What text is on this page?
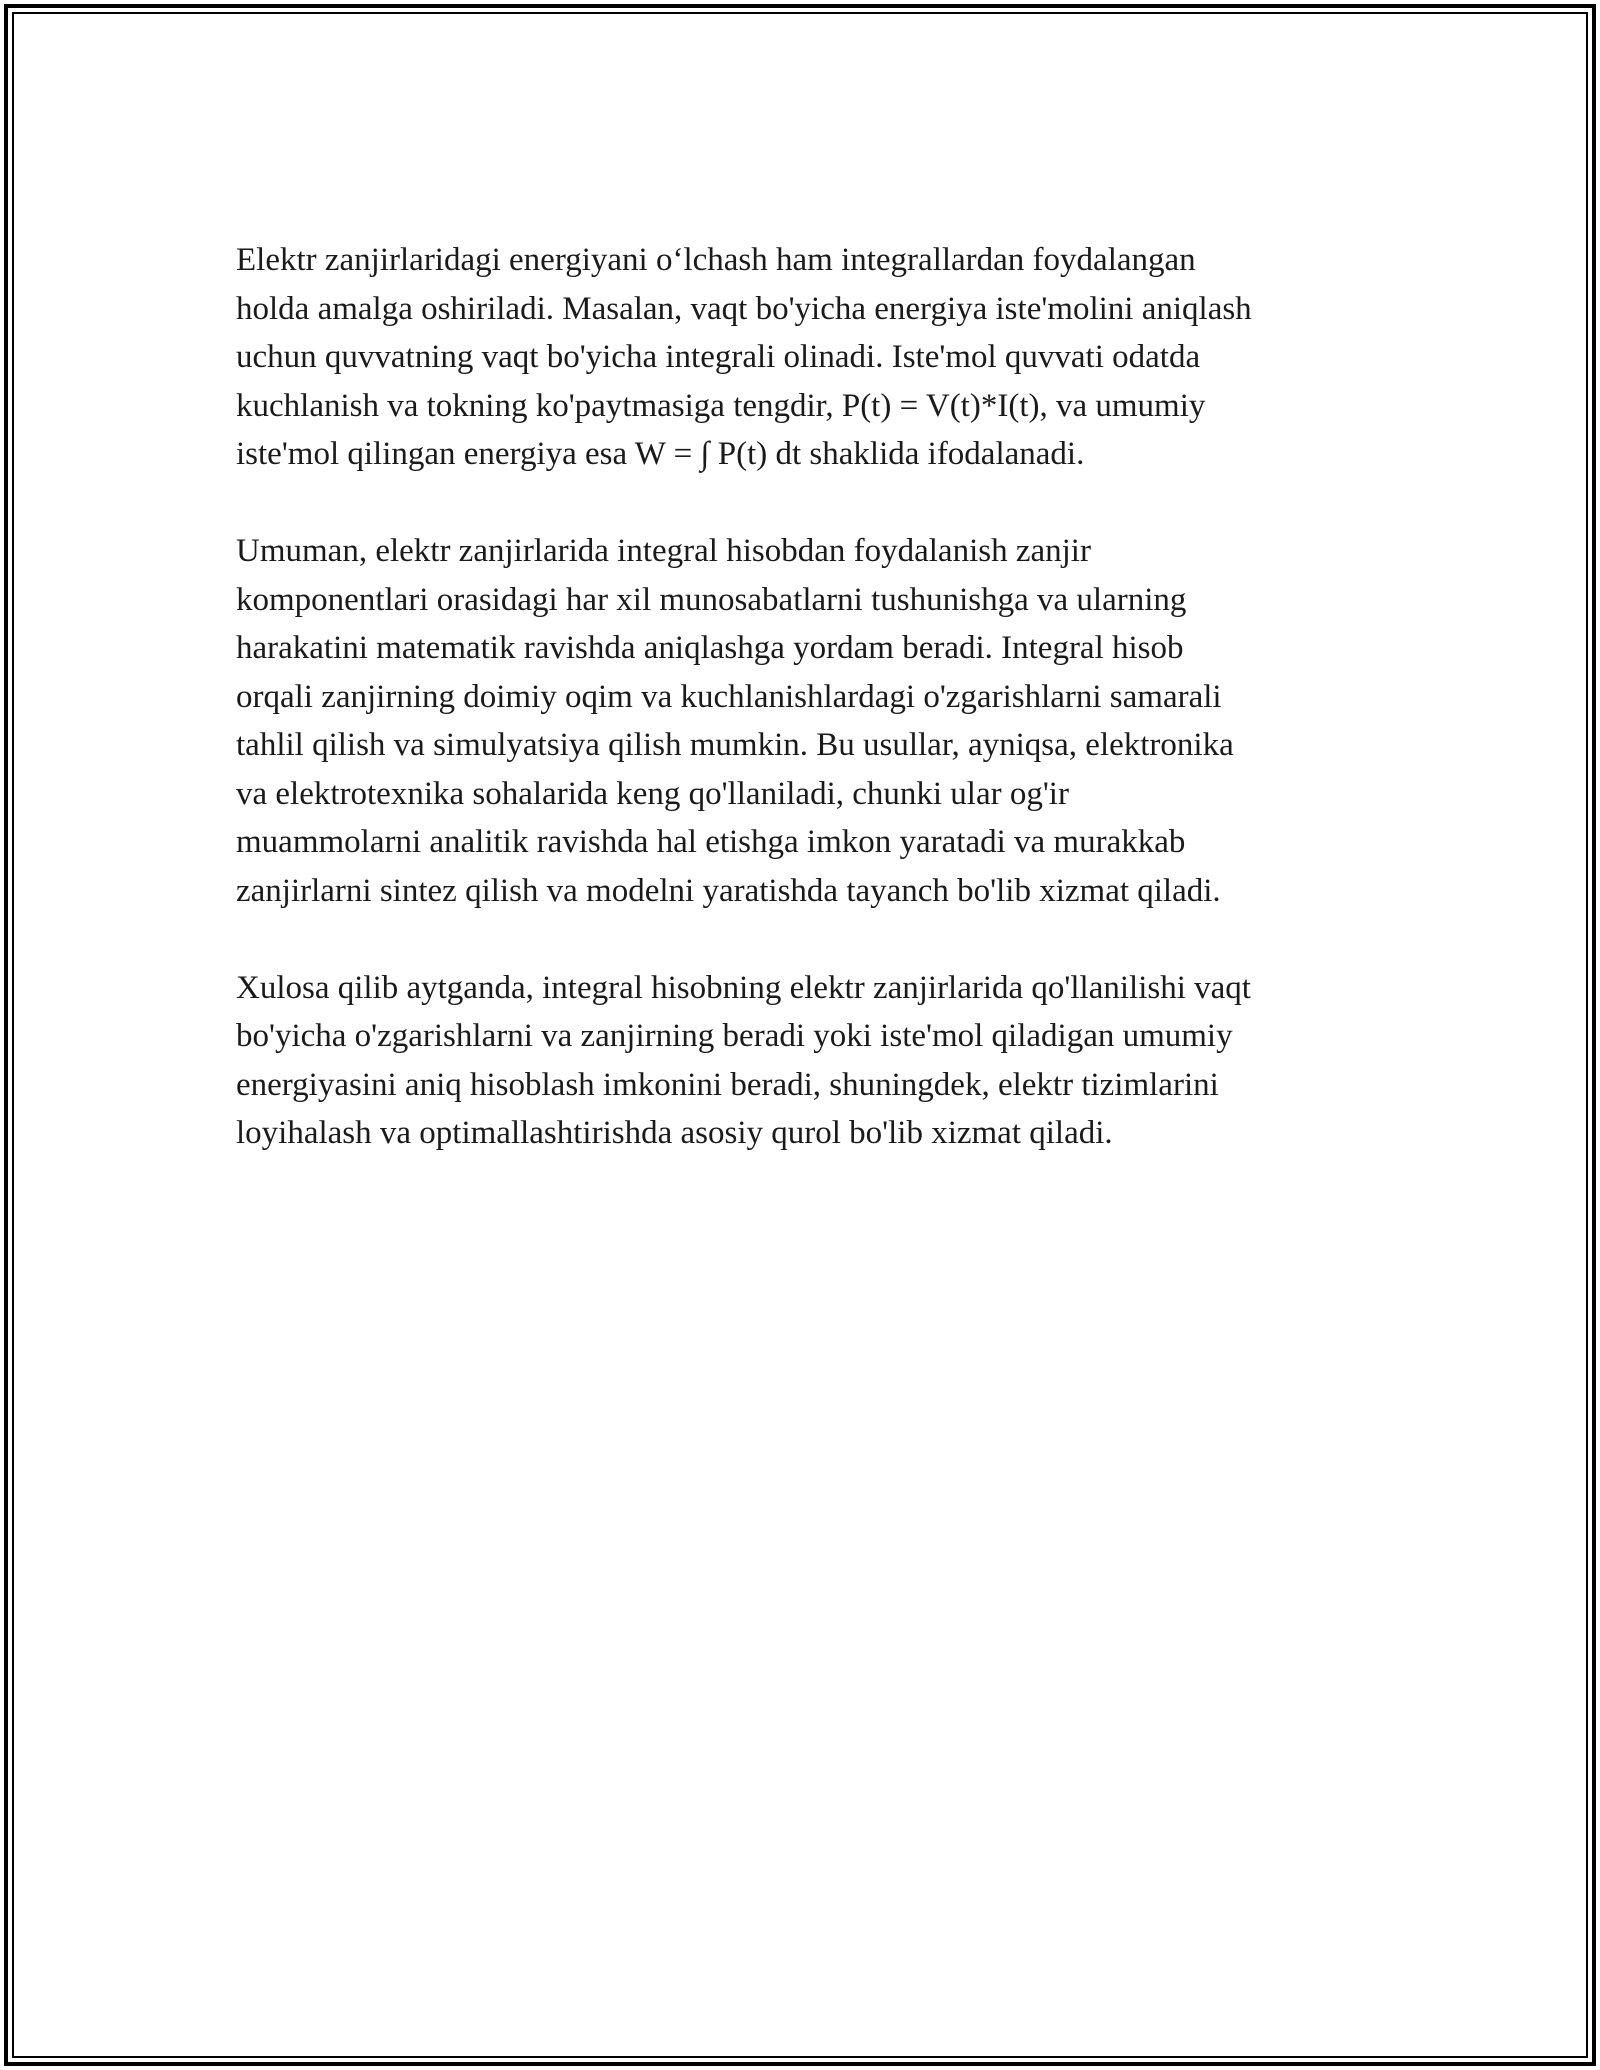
Elektr zanjirlaridagi energiyani o‘lchash ham integrallardan foydalangan
holda amalga oshiriladi. Masalan, vaqt bo'yicha energiya iste'molini aniqlash
uchun quvvatning vaqt bo'yicha integrali olinadi. Iste'mol quvvati odatda
kuchlanish va tokning ko'paytmasiga tengdir, P(t) = V(t)*I(t), va umumiy
iste'mol qilingan energiya esa W = ∫ P(t) dt shaklida ifodalanadi.

Umuman, elektr zanjirlarida integral hisobdan foydalanish zanjir
komponentlari orasidagi har xil munosabatlarni tushunishga va ularning
harakatini matematik ravishda aniqlashga yordam beradi. Integral hisob
orqali zanjirning doimiy oqim va kuchlanishlardagi o'zgarishlarni samarali
tahlil qilish va simulyatsiya qilish mumkin. Bu usullar, ayniqsa, elektronika
va elektrotexnika sohalarida keng qo'llaniladi, chunki ular og'ir
muammolarni analitik ravishda hal etishga imkon yaratadi va murakkab
zanjirlarni sintez qilish va modelni yaratishda tayanch bo'lib xizmat qiladi.

Xulosa qilib aytganda, integral hisobning elektr zanjirlarida qo'llanilishi vaqt
bo'yicha o'zgarishlarni va zanjirning beradi yoki iste'mol qiladigan umumiy
energiyasini aniq hisoblash imkonini beradi, shuningdek, elektr tizimlarini
loyihalash va optimallashtirishda asosiy qurol bo'lib xizmat qiladi.
